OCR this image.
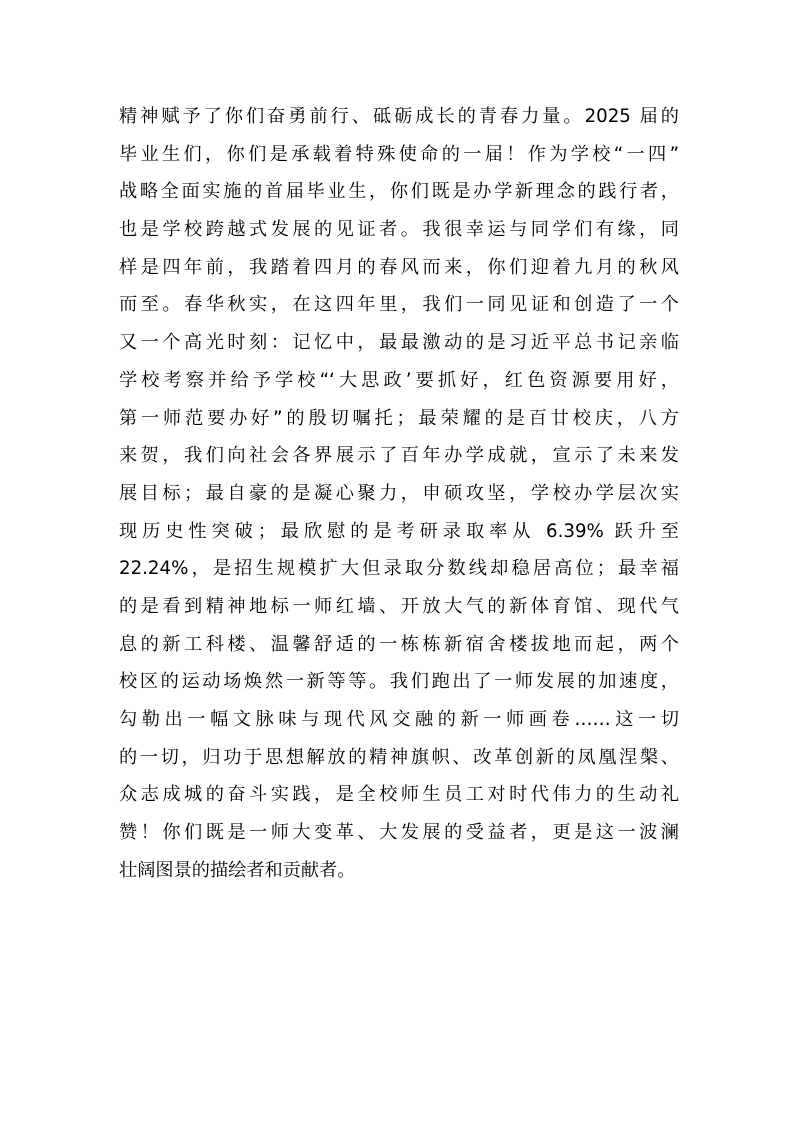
精神赋予了你们奋勇前行、砥砺成长的青春力量。2025 届的
毕业生们，你们是承载着特殊使命的一届！作为学校“一四”
战略全面实施的首届毕业生，你们既是办学新理念的践行者，
也是学校跨越式发展的见证者。我很幸运与同学们有缘，同
样是四年前，我踏着四月的春风而来，你们迎着九月的秋风
而至。春华秋实，在这四年里，我们一同见证和创造了一个
又一个高光时刻：记忆中，最最激动的是习近平总书记亲临
学校考察并给予学校“‘大思政’要抓好，红色资源要用好，
第一师范要办好”的殷切嘱托；最荣耀的是百廿校庆，八方
来贺，我们向社会各界展示了百年办学成就，宣示了未来发
展目标；最自豪的是凝心聚力，申硕攻坚，学校办学层次实
现历史性突破；最欣慰的是考研录取率从 6.39% 跃升至
22.24%，是招生规模扩大但录取分数线却稳居高位；最幸福
的是看到精神地标一师红墙、开放大气的新体育馆、现代气
息的新工科楼、温馨舒适的一栋栋新宿舍楼拔地而起，两个
校区的运动场焕然一新等等。我们跑出了一师发展的加速度，
勾勒出一幅文脉味与现代风交融的新一师画卷……这一切
的一切，归功于思想解放的精神旗帜、改革创新的凤凰涅槃、
众志成城的奋斗实践，是全校师生员工对时代伟力的生动礼
赞！你们既是一师大变革、大发展的受益者，更是这一波澜
壮阔图景的描绘者和贡献者。
